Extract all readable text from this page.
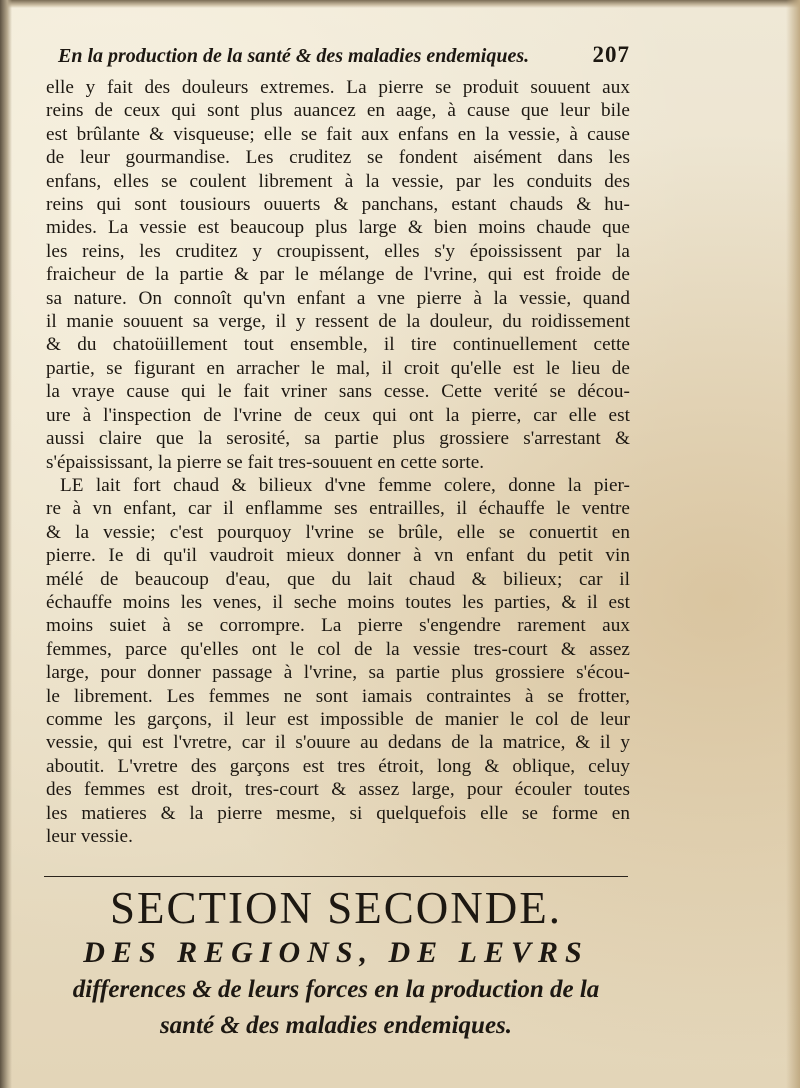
En la production de la santé & des maladies endemiques.	207
elle y fait des douleurs extremes. La pierre se produit souuent aux
reins de ceux qui sont plus auancez en aage, à cause que leur bile
est brûlante & visqueuse; elle se fait aux enfans en la vessie, à cause
de leur gourmandise. Les cruditez se fondent aisément dans les
enfans, elles se coulent librement à la vessie, par les conduits des
reins qui sont tousiours ouuerts & panchans, estant chauds & hu-
mides. La vessie est beaucoup plus large & bien moins chaude que
les reins, les cruditez y croupissent, elles s'y époississent par la
fraicheur de la partie & par le mélange de l'vrine, qui est froide de
sa nature. On connoît qu'vn enfant a vne pierre à la vessie, quand
il manie souuent sa verge, il y ressent de la douleur, du roidissement
& du chatoüillement tout ensemble, il tire continuellement cette
partie, se figurant en arracher le mal, il croit qu'elle est le lieu de
la vraye cause qui le fait vriner sans cesse. Cette verité se décou-
ure à l'inspection de l'vrine de ceux qui ont la pierre, car elle est
aussi claire que la serosité, sa partie plus grossiere s'arrestant &
s'épaississant, la pierre se fait tres-souuent en cette sorte.
LE lait fort chaud & bilieux d'vne femme colere, donne la pier-
re à vn enfant, car il enflamme ses entrailles, il échauffe le ventre
& la vessie; c'est pourquoy l'vrine se brûle, elle se conuertit en
pierre. Ie di qu'il vaudroit mieux donner à vn enfant du petit vin
mélé de beaucoup d'eau, que du lait chaud & bilieux; car il
échauffe moins les venes, il seche moins toutes les parties, & il est
moins suiet à se corrompre. La pierre s'engendre rarement aux
femmes, parce qu'elles ont le col de la vessie tres-court & assez
large, pour donner passage à l'vrine, sa partie plus grossiere s'écou-
le librement. Les femmes ne sont iamais contraintes à se frotter,
comme les garçons, il leur est impossible de manier le col de leur
vessie, qui est l'vretre, car il s'ouure au dedans de la matrice, & il y
aboutit. L'vretre des garçons est tres étroit, long & oblique, celuy
des femmes est droit, tres-court & assez large, pour écouler toutes
les matieres & la pierre mesme, si quelquefois elle se forme en
leur vessie.
SECTION SECONDE.
DES REGIONS, DE LEVRS
differences & de leurs forces en la production de la
santé & des maladies endemiques.
